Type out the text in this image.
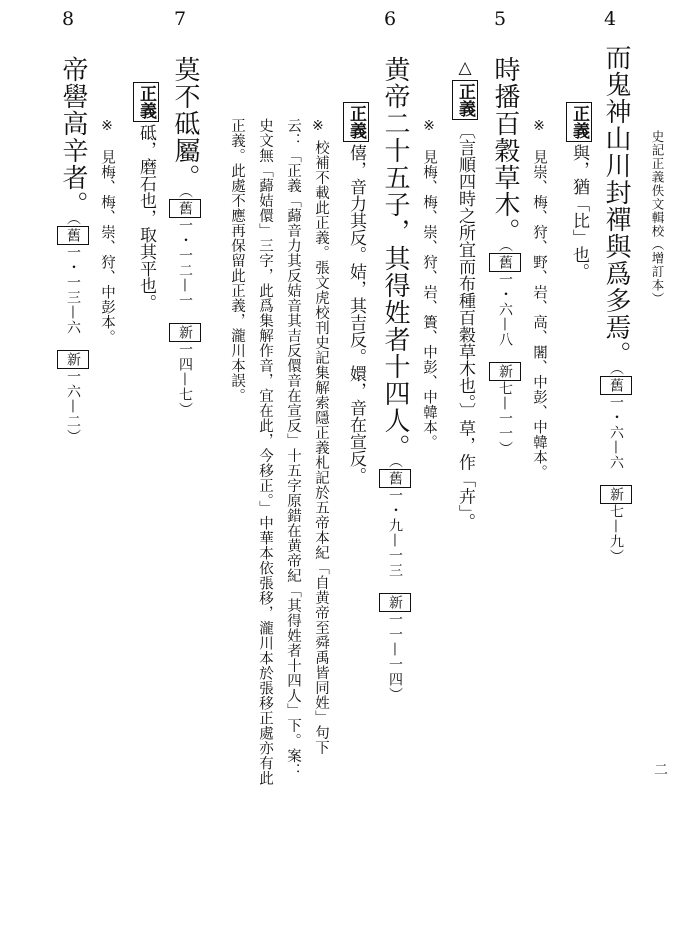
史記正義佚文輯校（增訂本）
二
4
而鬼神山川封禪與爲多焉。（舊一・六—六　新七—九）
正義與，猶「比」也。
※　見崇、梅、狩、野、岩、高、闍、中彭、中韓本。
5
時播百穀草木。（舊一・六—八　新七—一一）
△正義〔言順四時之所宜而布種百穀草木也。〕草，作「卉」。
※　見梅、梅、崇、狩、岩、簣、中彭、中韓本。
6
黄帝二十五子，其得姓者十四人。（舊一・九—一三　新一一—一四）
正義僖，音力其反。姞，其吉反。嬛，音在宣反。
※
校補不載此正義。張文虎校刊史記集解索隱正義札記於五帝本紀「自黄帝至舜禹皆同姓」句下
云：「正義「蘬音力其反姞音其吉反儇音在宣反」十五字原錯在黄帝紀「其得姓者十四人」下。案：
史文無「蘬姞儇」三字，此爲集解作音，宜在此，今移正。」中華本依張移，瀧川本於張移正處亦有此
正義。此處不應再保留此正義，瀧川本誤。
7
莫不砥屬。（舊一・一二—一　新一四—七）
正義砥，磨石也，取其平也。
※　見梅、梅、崇、狩、中彭本。
8
帝嚳高辛者。（舊一・一三—六　新一六—二）
